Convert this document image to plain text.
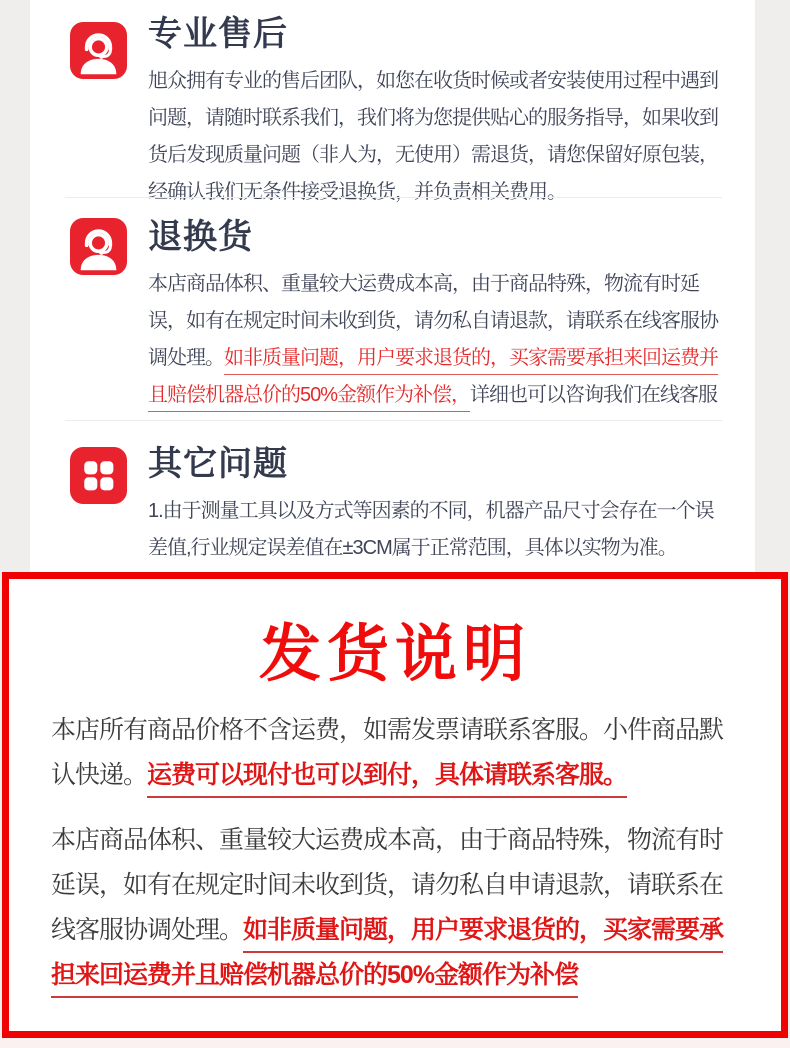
专业售后
旭众拥有专业的售后团队，如您在收货时候或者安装使用过程中遇到问题，请随时联系我们，我们将为您提供贴心的服务指导，如果收到货后发现质量问题（非人为，无使用）需退货，请您保留好原包装，经确认我们无条件接受退换货，并负责相关费用。
退换货
本店商品体积、重量较大运费成本高，由于商品特殊，物流有时延误，如有在规定时间未收到货，请勿私自请退款，请联系在线客服协调处理。如非质量问题，用户要求退货的，买家需要承担来回运费并且赔偿机器总价的50%金额作为补偿，详细也可以咨询我们在线客服
其它问题
1.由于测量工具以及方式等因素的不同，机器产品尺寸会存在一个误差值,行业规定误差值在±3CM属于正常范围，具体以实物为准。
发货说明

本店所有商品价格不含运费，如需发票请联系客服。小件商品默认快递。运费可以现付也可以到付，具体请联系客服。

本店商品体积、重量较大运费成本高，由于商品特殊，物流有时延误，如有在规定时间未收到货，请勿私自申请退款，请联系在线客服协调处理。如非质量问题，用户要求退货的，买家需要承担来回运费并且赔偿机器总价的50%金额作为补偿
